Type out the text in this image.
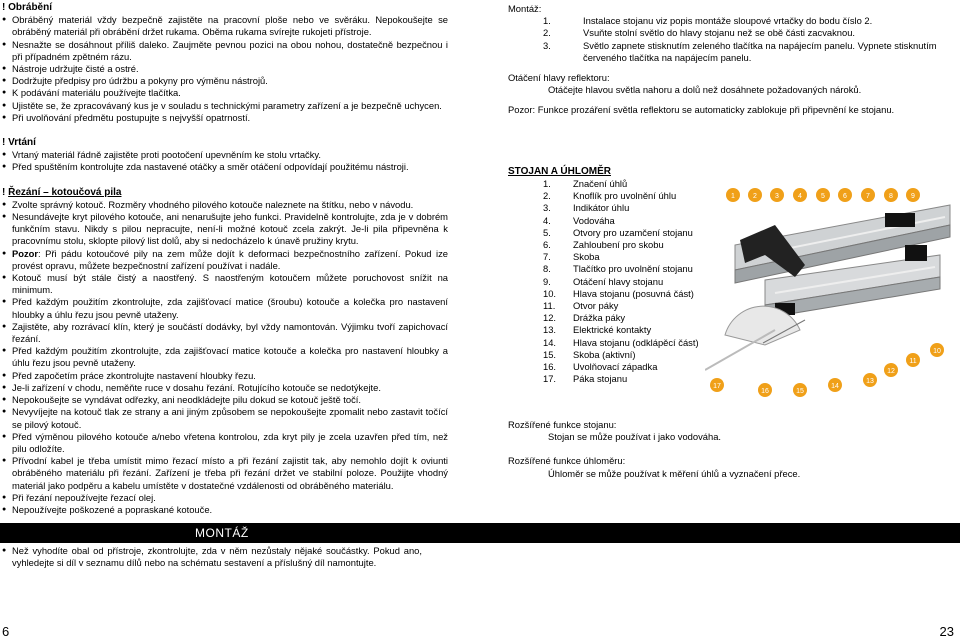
! Obrábění

● Obráběný materiál vždy bezpečně zajistěte na pracovní ploše nebo ve svěráku. Nepokoušejte se obráběný materiál při obrábění držet rukama. Oběma rukama svírejte rukojeti přístroje.
● Nesnažte se dosáhnout příliš daleko. Zaujměte pevnou pozici na obou nohou, dostatečně bezpečnou i při případném zpětném rázu.
● Nástroje udržujte čisté a ostré.
● Dodržujte předpisy pro údržbu a pokyny pro výměnu nástrojů.
● K podávání materiálu používejte tlačítka.
● Ujistěte se, že zpracovávaný kus je v souladu s technickými parametry zařízení a je bezpečně uchycen.
● Při uvolňování předmětu postupujte s nejvyšší opatrností.

! Vrtání

● Vrtaný materiál řádně zajistěte proti pootočení upevněním ke stolu vrtačky.
● Před spuštěním kontrolujte zda nastavené otáčky a směr otáčení odpovídají použitému nástroji.

! Řezání – kotoučová pila

● Zvolte správný kotouč. Rozměry vhodného pilového kotouče naleznete na štítku, nebo v návodu.
● Nesundávejte kryt pilového kotouče, ani nenarušujte jeho funkci. Pravidelně kontrolujte, zda je v dobrém funkčním stavu. Nikdy s pilou nepracujte, není-li možné kotouč zcela zakrýt. Je-li pila připevněna k pracovnímu stolu, sklopte pilový list dolů, aby si nedocházelo k únavě pružiny krytu.
● Pozor: Při pádu kotoučové pily na zem může dojít k deformaci bezpečnostního zařízení. Pokud ize provést opravu, můžete bezpečnostní zařízení používat i nadále.
● Kotouč musí být stále čistý a naostřený. S naostřeným kotoučem můžete poruchovost snížit na minimum.
● Před každým použitím zkontrolujte, zda zajišťovací matice (šroubu) kotouče a kolečka pro nastavení hloubky a úhlu řezu jsou pevně utaženy.
● Zajistěte, aby rozrávací klín, který je součástí dodávky, byl vždy namontován. Výjimku tvoří zapichovací řezání.
● Před každým použitím zkontrolujte, zda zajišťovací matice kotouče a kolečka pro nastavení hloubky a úhlu řezu jsou pevně utaženy.
● Před započetím práce zkontrolujte nastavení hloubky řezu.
● Je-li zařízení v chodu, neměňte ruce v dosahu řezání. Rotujícího kotouče se nedotýkejte.
● Nepokoušejte se vyndávat odřezky, ani neodkládejte pilu dokud se kotouč ještě točí.
● Nevyvíjejte na kotouč tlak ze strany a ani jiným způsobem se nepokoušejte zpomalit nebo zastavit točící se pilový kotouč.
● Před výměnou pilového kotouče a/nebo vřetena kontrolou, zda kryt pily je zcela uzavřen před tím, než pilu odložíte.
● Přívodní kabel je třeba umístit mimo řezací místo a při řezání zajistit tak, aby nemohlo dojít k oviunti obráběného materiálu při řezání. Zařízení je třeba při řezání držet ve stabilní poloze. Použijte vhodný materiál jako podpěru a kabelu umístěte v dostatečné vzdálenosti od obráběného materiálu.
● Při řezání nepoužívejte řezací olej.
● Nepoužívejte poškozené a popraskané kotouče.
Montáž:
1.	Instalace stojanu viz popis montáže sloupové vrtačky do bodu číslo 2.
2.	Vsuňte stolní světlo do hlavy stojanu než se obě části zacvaknou.
3.	Světlo zapnete stisknutím zeleného tlačítka na napájecím panelu. Vypnete stisknutím červeného tlačítka na napájecím panelu.
Otáčení hlavy reflektoru:
Otáčejte hlavou světla nahoru a dolů než dosáhnete požadovaných nároků.
Pozor: Funkce prozáření světla reflektoru se automaticky zablokuje při připevnění ke stojanu.
STOJAN A ÚHLOMĚR
1.	Značení úhlů
2.	Knoflík pro uvolnění úhlu
3.	Indikátor úhlu
4.	Vodováha
5.	Otvory pro uzamčení stojanu
6.	Zahloubení pro skobu
7.	Skoba
8.	Tlačítko pro uvolnění stojanu
9.	Otáčení hlavy stojanu
10.	Hlava stojanu (posuvná část)
11.	Otvor páky
12.	Drážka páky
13.	Elektrické kontakty
14.	Hlava stojanu (odklápěcí část)
15.	Skoba (aktivní)
16.	Uvolňovací západka
17.	Páka stojanu
1	2	3	4	5	6	7	8	9
10
11
12
13
14
15
16
17
Rozšířené funkce stojanu:
Stojan se může používat i jako vodováha.
Rozšířené funkce úhloměru:
Úhloměr se může používat k měření úhlů a vyznačení přece.
MONTÁŽ
● Než vyhodíte obal od přístroje, zkontrolujte, zda v něm nezůstaly nějaké součástky. Pokud ano, vyhledejte si díl v seznamu dílů nebo na schématu sestavení a příslušný díl namontujte.
6	23
